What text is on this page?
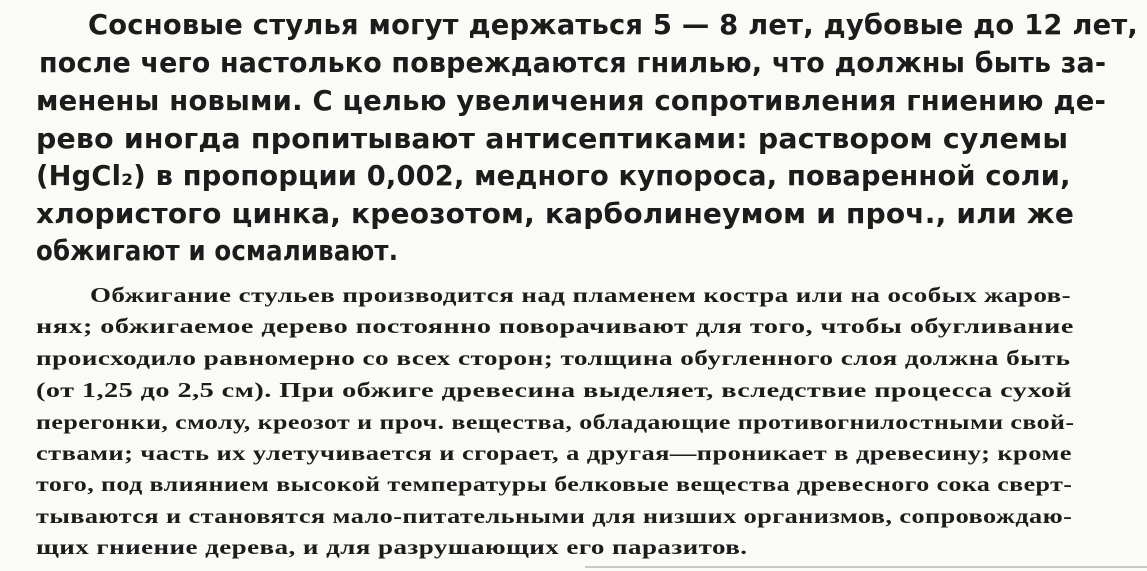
Сосновые стулья могут держаться 5 — 8 лет, дубовые до 12 лет,
после чего настолько повреждаются гнилью, что должны быть за-
менены новыми. С целью увеличения сопротивления гниению де-
рево иногда пропитывают антисептиками: раствором сулемы
(HgCl₂) в пропорции 0,002, медного купороса, поваренной соли,
хлористого цинка, креозотом, карболинеумом и проч., или же
обжигают и осмаливают.
Обжигание стульев производится над пламенем костра или на особых жаров-
нях; обжигаемое дерево постоянно поворачивают для того, чтобы обугливание
происходило равномерно со всех сторон; толщина обугленного слоя должна быть
(от 1,25 до 2,5 см). При обжиге древесина выделяет, вследствие процесса сухой
перегонки, смолу, креозот и проч. вещества, обладающие противогнилостными свой-
ствами; часть их улетучивается и сгорает, а другая—проникает в древесину; кроме
того, под влиянием высокой температуры белковые вещества древесного сока сверт-
тываются и становятся мало-питательными для низших организмов, сопровождаю-
щих гниение дерева, и для разрушающих его паразитов.
